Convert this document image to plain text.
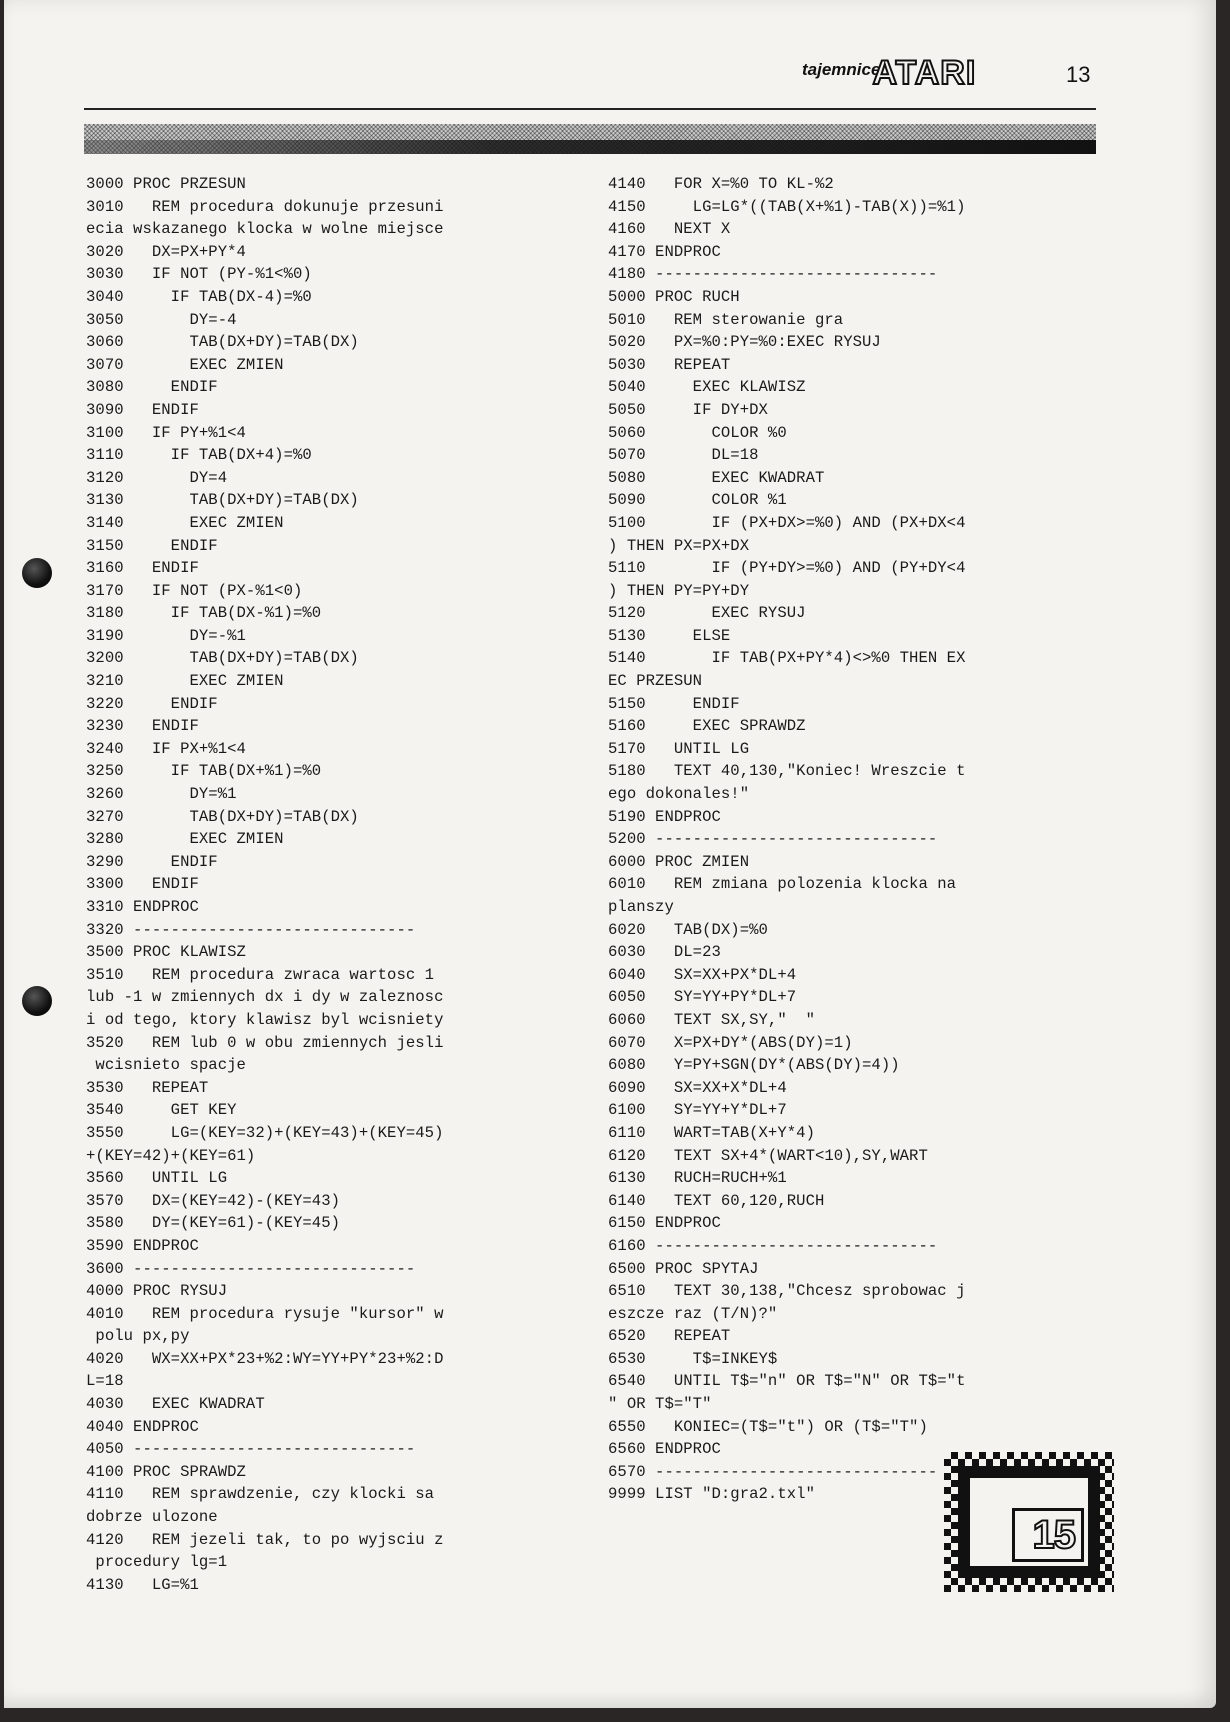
tajemnice
ATARI	13
3000 PROC PRZESUN
3010   REM procedura dokunuje przesuni
ecia wskazanego klocka w wolne miejsce
3020   DX=PX+PY*4
3030   IF NOT (PY-%1<%0)
3040     IF TAB(DX-4)=%0
3050       DY=-4
3060       TAB(DX+DY)=TAB(DX)
3070       EXEC ZMIEN
3080     ENDIF
3090   ENDIF
3100   IF PY+%1<4
3110     IF TAB(DX+4)=%0
3120       DY=4
3130       TAB(DX+DY)=TAB(DX)
3140       EXEC ZMIEN
3150     ENDIF
3160   ENDIF
3170   IF NOT (PX-%1<0)
3180     IF TAB(DX-%1)=%0
3190       DY=-%1
3200       TAB(DX+DY)=TAB(DX)
3210       EXEC ZMIEN
3220     ENDIF
3230   ENDIF
3240   IF PX+%1<4
3250     IF TAB(DX+%1)=%0
3260       DY=%1
3270       TAB(DX+DY)=TAB(DX)
3280       EXEC ZMIEN
3290     ENDIF
3300   ENDIF
3310 ENDPROC
3320 ------------------------------
3500 PROC KLAWISZ
3510   REM procedura zwraca wartosc 1
lub -1 w zmiennych dx i dy w zaleznosc
i od tego, ktory klawisz byl wcisniety
3520   REM lub 0 w obu zmiennych jesli
wcisnieto spacje
3530   REPEAT
3540     GET KEY
3550     LG=(KEY=32)+(KEY=43)+(KEY=45)
+(KEY=42)+(KEY=61)
3560   UNTIL LG
3570   DX=(KEY=42)-(KEY=43)
3580   DY=(KEY=61)-(KEY=45)
3590 ENDPROC
3600 ------------------------------
4000 PROC RYSUJ
4010   REM procedura rysuje "kursor" w
polu px,py
4020   WX=XX+PX*23+%2:WY=YY+PY*23+%2:D
L=18
4030   EXEC KWADRAT
4040 ENDPROC
4050 ------------------------------
4100 PROC SPRAWDZ
4110   REM sprawdzenie, czy klocki sa
dobrze ulozone
4120   REM jezeli tak, to po wyjsciu z
procedury lg=1
4130   LG=%1
4140   FOR X=%0 TO KL-%2
4150     LG=LG*((TAB(X+%1)-TAB(X))=%1)
4160   NEXT X
4170 ENDPROC
4180 ------------------------------
5000 PROC RUCH
5010   REM sterowanie gra
5020   PX=%0:PY=%0:EXEC RYSUJ
5030   REPEAT
5040     EXEC KLAWISZ
5050     IF DY+DX
5060       COLOR %0
5070       DL=18
5080       EXEC KWADRAT
5090       COLOR %1
5100       IF (PX+DX>=%0) AND (PX+DX<4
) THEN PX=PX+DX
5110       IF (PY+DY>=%0) AND (PY+DY<4
) THEN PY=PY+DY
5120       EXEC RYSUJ
5130     ELSE
5140       IF TAB(PX+PY*4)<>%0 THEN EX
EC PRZESUN
5150     ENDIF
5160     EXEC SPRAWDZ
5170   UNTIL LG
5180   TEXT 40,130,"Koniec! Wreszcie t
ego dokonales!"
5190 ENDPROC
5200 ------------------------------
6000 PROC ZMIEN
6010   REM zmiana polozenia klocka na
planszy
6020   TAB(DX)=%0
6030   DL=23
6040   SX=XX+PX*DL+4
6050   SY=YY+PY*DL+7
6060   TEXT SX,SY,"  "
6070   X=PX+DY*(ABS(DY)=1)
6080   Y=PY+SGN(DY*(ABS(DY)=4))
6090   SX=XX+X*DL+4
6100   SY=YY+Y*DL+7
6110   WART=TAB(X+Y*4)
6120   TEXT SX+4*(WART<10),SY,WART
6130   RUCH=RUCH+%1
6140   TEXT 60,120,RUCH
6150 ENDPROC
6160 ------------------------------
6500 PROC SPYTAJ
6510   TEXT 30,138,"Chcesz sprobowac j
eszcze raz (T/N)?"
6520   REPEAT
6530     T$=INKEY$
6540   UNTIL T$="n" OR T$="N" OR T$="t
" OR T$="T"
6550   KONIEC=(T$="t") OR (T$="T")
6560 ENDPROC
6570 ------------------------------
9999 LIST "D:gra2.txl"
15
